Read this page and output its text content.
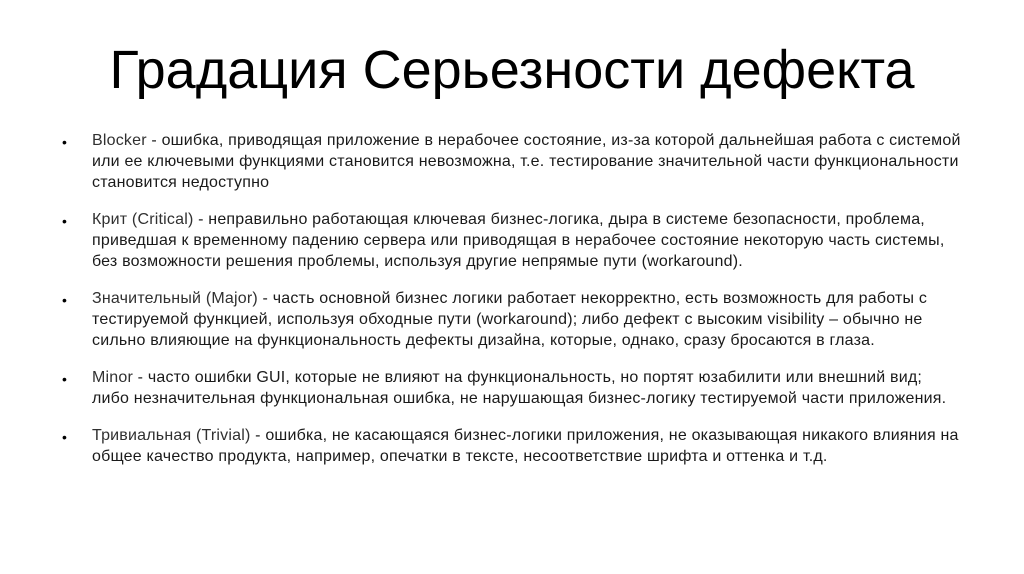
Градация Серьезности дефекта
•	Blocker - ошибка, приводящая приложение в нерабочее состояние, из-за которой дальнейшая работа с системой или ее ключевыми функциями становится невозможна, т.е. тестирование значительной части функциональности становится недоступно
•	Крит (Critical) - неправильно работающая ключевая бизнес-логика, дыра в системе безопасности, проблема, приведшая к временному падению сервера или приводящая в нерабочее состояние некоторую часть системы, без возможности решения проблемы, используя другие непрямые пути (workaround).
•	Значительный (Major) - часть основной бизнес логики работает некорректно, есть возможность для работы с тестируемой функцией, используя обходные пути (workaround); либо дефект с высоким visibility – обычно не сильно влияющие на функциональность дефекты дизайна, которые, однако, сразу бросаются в глаза.
•	Minor - часто ошибки GUI, которые не влияют на функциональность, но портят юзабилити или внешний вид; либо незначительная функциональная ошибка, не нарушающая бизнес-логику тестируемой части приложения.
•	Тривиальная (Trivial) - ошибка, не касающаяся бизнес-логики приложения, не оказывающая никакого влияния на общее качество продукта, например, опечатки в тексте, несоответствие шрифта и оттенка и т.д.
